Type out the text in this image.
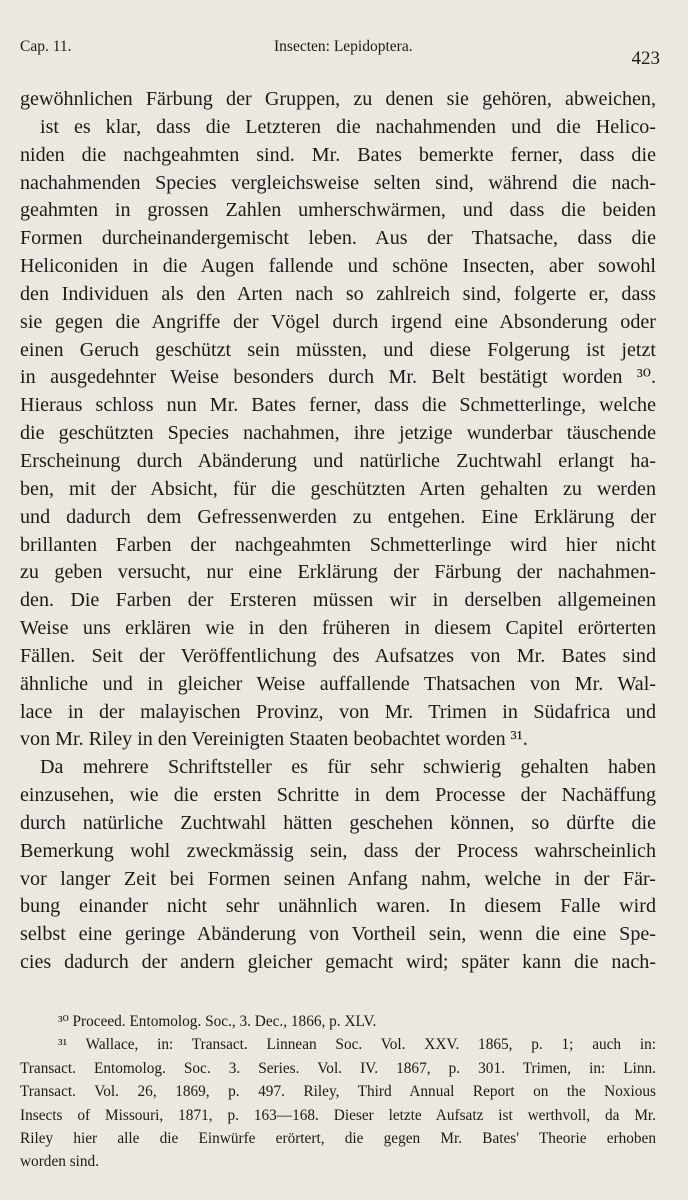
Cap. 11.	Insecten: Lepidoptera.
423
gewöhnlichen Färbung der Gruppen, zu denen sie gehören, abweichen,
ist es klar, dass die Letzteren die nachahmenden und die Helico-
niden die nachgeahmten sind. Mr. Bates bemerkte ferner, dass die
nachahmenden Species vergleichsweise selten sind, während die nach-
geahmten in grossen Zahlen umherschwärmen, und dass die beiden
Formen durcheinandergemischt leben. Aus der Thatsache, dass die
Heliconiden in die Augen fallende und schöne Insecten, aber sowohl
den Individuen als den Arten nach so zahlreich sind, folgerte er, dass
sie gegen die Angriffe der Vögel durch irgend eine Absonderung oder
einen Geruch geschützt sein müssten, und diese Folgerung ist jetzt
in ausgedehnter Weise besonders durch Mr. Belt bestätigt worden ³⁰.
Hieraus schloss nun Mr. Bates ferner, dass die Schmetterlinge, welche
die geschützten Species nachahmen, ihre jetzige wunderbar täuschende
Erscheinung durch Abänderung und natürliche Zuchtwahl erlangt ha-
ben, mit der Absicht, für die geschützten Arten gehalten zu werden
und dadurch dem Gefressenwerden zu entgehen. Eine Erklärung der
brillanten Farben der nachgeahmten Schmetterlinge wird hier nicht
zu geben versucht, nur eine Erklärung der Färbung der nachahmen-
den. Die Farben der Ersteren müssen wir in derselben allgemeinen
Weise uns erklären wie in den früheren in diesem Capitel erörterten
Fällen. Seit der Veröffentlichung des Aufsatzes von Mr. Bates sind
ähnliche und in gleicher Weise auffallende Thatsachen von Mr. Wal-
lace in der malayischen Provinz, von Mr. Trimen in Südafrica und
von Mr. Riley in den Vereinigten Staaten beobachtet worden ³¹.
Da mehrere Schriftsteller es für sehr schwierig gehalten haben
einzusehen, wie die ersten Schritte in dem Processe der Nachäffung
durch natürliche Zuchtwahl hätten geschehen können, so dürfte die
Bemerkung wohl zweckmässig sein, dass der Process wahrscheinlich
vor langer Zeit bei Formen seinen Anfang nahm, welche in der Fär-
bung einander nicht sehr unähnlich waren. In diesem Falle wird
selbst eine geringe Abänderung von Vortheil sein, wenn die eine Spe-
cies dadurch der andern gleicher gemacht wird; später kann die nach-
³⁰ Proceed. Entomolog. Soc., 3. Dec., 1866, p. XLV.
³¹ Wallace, in: Transact. Linnean Soc. Vol. XXV. 1865, p. 1; auch in:
Transact. Entomolog. Soc. 3. Series. Vol. IV. 1867, p. 301. Trimen, in: Linn.
Transact. Vol. 26, 1869, p. 497. Riley, Third Annual Report on the Noxious
Insects of Missouri, 1871, p. 163—168. Dieser letzte Aufsatz ist werthvoll, da Mr.
Riley hier alle die Einwürfe erörtert, die gegen Mr. Bates' Theorie erhoben
worden sind.
